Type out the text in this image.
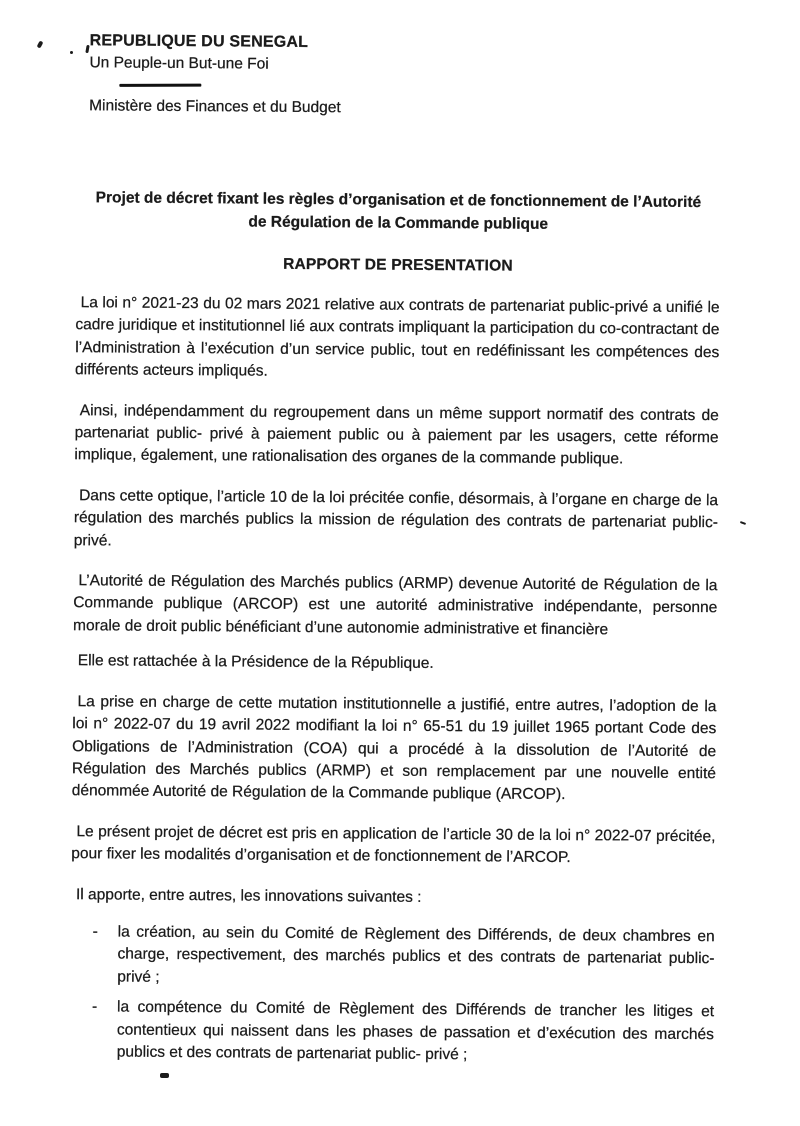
REPUBLIQUE DU SENEGAL
Un Peuple-un But-une Foi
Ministère des Finances et du Budget
Projet de décret fixant les règles d’organisation et de fonctionnement de l’Autorité de Régulation de la Commande publique
RAPPORT DE PRESENTATION

La loi n° 2021-23 du 02 mars 2021 relative aux contrats de partenariat public-privé a unifié le cadre juridique et institutionnel lié aux contrats impliquant la participation du co-contractant de l’Administration à l’exécution d’un service public, tout en redéfinissant les compétences des différents acteurs impliqués.

Ainsi, indépendamment du regroupement dans un même support normatif des contrats de partenariat public- privé à paiement public ou à paiement par les usagers, cette réforme implique, également, une rationalisation des organes de la commande publique.

Dans cette optique, l’article 10 de la loi précitée confie, désormais, à l’organe en charge de la régulation des marchés publics la mission de régulation des contrats de partenariat public- privé.

L’Autorité de Régulation des Marchés publics (ARMP) devenue Autorité de Régulation de la Commande publique (ARCOP) est une autorité administrative indépendante, personne morale de droit public bénéficiant d’une autonomie administrative et financière

Elle est rattachée à la Présidence de la République.

La prise en charge de cette mutation institutionnelle a justifié, entre autres, l’adoption de la loi n° 2022-07 du 19 avril 2022 modifiant la loi n° 65-51 du 19 juillet 1965 portant Code des Obligations de l’Administration (COA) qui a procédé à la dissolution de l’Autorité de Régulation des Marchés publics (ARMP) et son remplacement par une nouvelle entité dénommée Autorité de Régulation de la Commande publique (ARCOP).

Le présent projet de décret est pris en application de l’article 30 de la loi n° 2022-07 précitée, pour fixer les modalités d’organisation et de fonctionnement de l’ARCOP.

Il apporte, entre autres, les innovations suivantes :

-	la création, au sein du Comité de Règlement des Différends, de deux chambres en charge, respectivement, des marchés publics et des contrats de partenariat public- privé ;
-	la compétence du Comité de Règlement des Différends de trancher les litiges et contentieux qui naissent dans les phases de passation et d’exécution des marchés publics et des contrats de partenariat public- privé ;
